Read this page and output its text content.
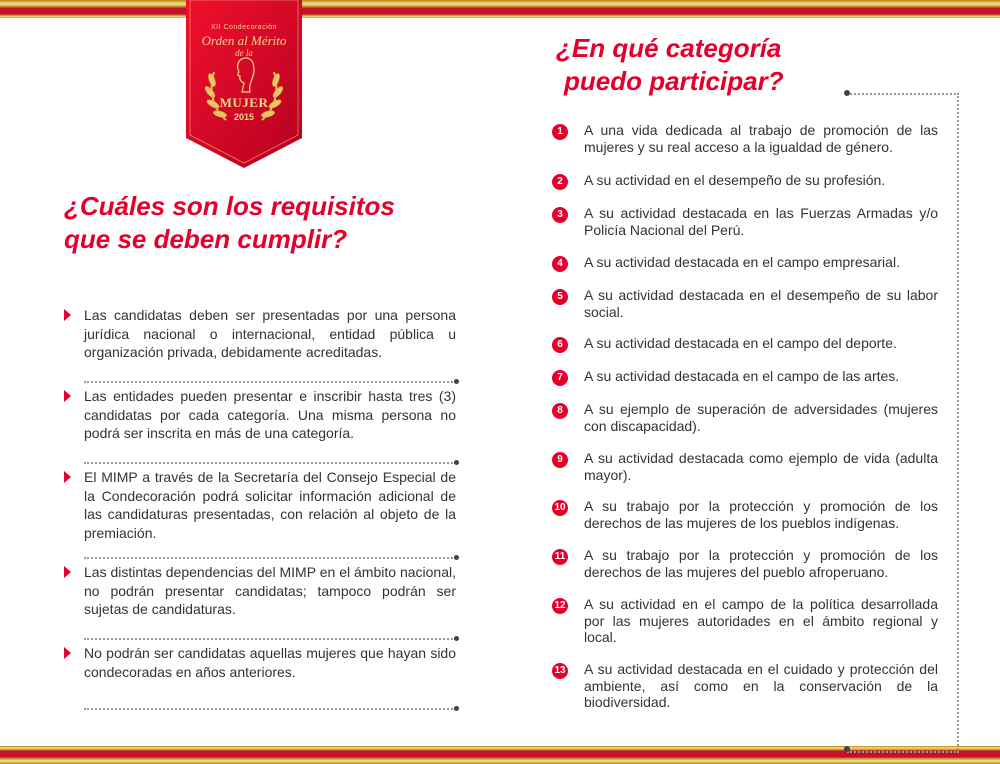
XII Condecoración
Orden al Mérito
de la
MUJER
2015
¿Cuáles son los requisitos
que se deben cumplir?
Las candidatas deben ser presentadas por una persona jurídica nacional o internacional, entidad pública u organización privada, debidamente acreditadas.
Las entidades pueden presentar e inscribir hasta tres (3) candidatas por cada categoría. Una misma persona no podrá ser inscrita en más de una categoría.
El MIMP a través de la Secretaría del Consejo Especial de la Condecoración podrá solicitar información adicional de las candidaturas presentadas, con relación al objeto de la premiación.
Las distintas dependencias del MIMP en el ámbito nacional, no podrán presentar candidatas; tampoco podrán ser sujetas de candidaturas.
No podrán ser candidatas aquellas mujeres que hayan sido condecoradas en años anteriores.
¿En qué categoría
puedo participar?
1	A una vida dedicada al trabajo de promoción de las mujeres y su real acceso a la igualdad de género.
2	A su actividad en el desempeño de su profesión.
3	A su actividad destacada en las Fuerzas Armadas y/o Policía Nacional del Perú.
4	A su actividad destacada en el campo empresarial.
5	A su actividad destacada en el desempeño de su labor social.
6	A su actividad destacada en el campo del deporte.
7	A su actividad destacada en el campo de las artes.
8	A su ejemplo de superación de adversidades (mujeres con discapacidad).
9	A su actividad destacada como ejemplo de vida (adulta mayor).
10 A su trabajo por la protección y promoción de los derechos de las mujeres de los pueblos indígenas.
11 A su trabajo por la protección y promoción de los derechos de las mujeres del pueblo afroperuano.
12 A su actividad en el campo de la política desarrollada por las mujeres autoridades en el ámbito regional y local.
13 A su actividad destacada en el cuidado y protección del ambiente, así como en la conservación de la biodiversidad.
